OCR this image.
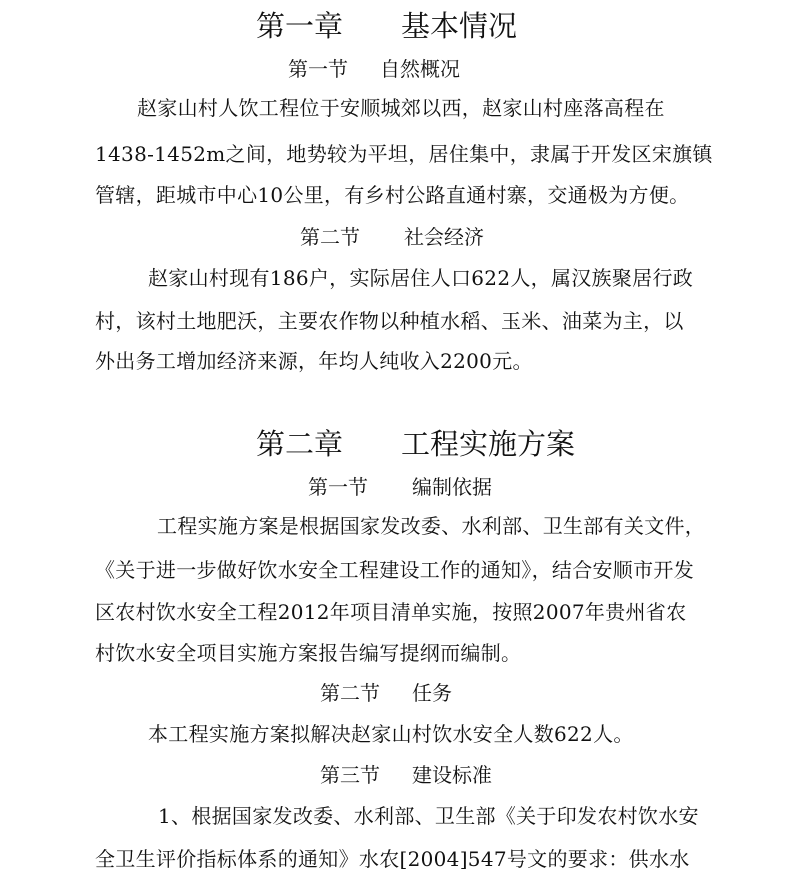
第一章 基本情况
第一节 自然概况

赵家山村人饮工程位于安顺城郊以西，赵家山村座落高程在

1438-1452m之间，地势较为平坦，居住集中，隶属于开发区宋旗镇

管辖，距城市中心10公里，有乡村公路直通村寨，交通极为方便。

第二节 社会经济

赵家山村现有186户，实际居住人口622人，属汉族聚居行政

村，该村土地肥沃，主要农作物以种植水稻、玉米、油菜为主，以

外出务工增加经济来源，年均人纯收入2200元。

第二章 工程实施方案
第一节 编制依据

工程实施方案是根据国家发改委、水利部、卫生部有关文件，

《关于进一步做好饮水安全工程建设工作的通知》，结合安顺市开发

区农村饮水安全工程2012年项目清单实施，按照2007年贵州省农

村饮水安全项目实施方案报告编写提纲而编制。

第二节 任务

本工程实施方案拟解决赵家山村饮水安全人数622人。

第三节 建设标准

1、根据国家发改委、水利部、卫生部《关于印发农村饮水安

全卫生评价指标体系的通知》水农[2004]547号文的要求：供水水
